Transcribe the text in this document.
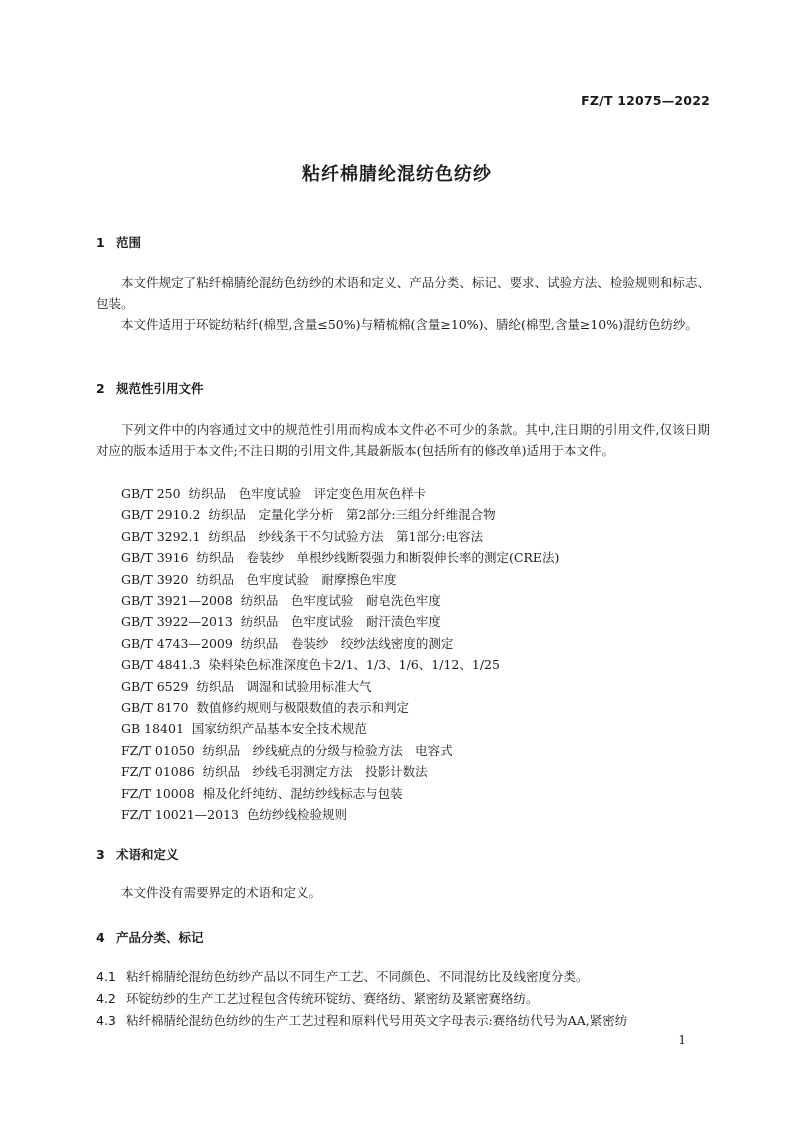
FZ/T 12075—2022
粘纤棉腈纶混纺色纺纱
1 范围

本文件规定了粘纤棉腈纶混纺色纺纱的术语和定义、产品分类、标记、要求、试验方法、检验规则和标志、包装。

本文件适用于环锭纺粘纤(棉型,含量≤50%)与精梳棉(含量≥10%)、腈纶(棉型,含量≥10%)混纺色纺纱。

2 规范性引用文件

下列文件中的内容通过文中的规范性引用而构成本文件必不可少的条款。其中,注日期的引用文件,仅该日期对应的版本适用于本文件;不注日期的引用文件,其最新版本(包括所有的修改单)适用于本文件。

GB/T 250 纺织品　色牢度试验　评定变色用灰色样卡
GB/T 2910.2 纺织品　定量化学分析　第2部分:三组分纤维混合物
GB/T 3292.1 纺织品　纱线条干不匀试验方法　第1部分:电容法
GB/T 3916 纺织品　卷装纱　单根纱线断裂强力和断裂伸长率的测定(CRE法)
GB/T 3920 纺织品　色牢度试验　耐摩擦色牢度
GB/T 3921—2008 纺织品　色牢度试验　耐皂洗色牢度
GB/T 3922—2013 纺织品　色牢度试验　耐汗渍色牢度
GB/T 4743—2009 纺织品　卷装纱　绞纱法线密度的测定
GB/T 4841.3 染料染色标准深度色卡2/1、1/3、1/6、1/12、1/25
GB/T 6529 纺织品　调湿和试验用标准大气
GB/T 8170 数值修约规则与极限数值的表示和判定
GB 18401 国家纺织产品基本安全技术规范
FZ/T 01050 纺织品　纱线疵点的分级与检验方法　电容式
FZ/T 01086 纺织品　纱线毛羽测定方法　投影计数法
FZ/T 10008 棉及化纤纯纺、混纺纱线标志与包装
FZ/T 10021—2013 色纺纱线检验规则
3 术语和定义

本文件没有需要界定的术语和定义。

4 产品分类、标记
4.1 粘纤棉腈纶混纺色纺纱产品以不同生产工艺、不同颜色、不同混纺比及线密度分类。
4.2 环锭纺纱的生产工艺过程包含传统环锭纺、赛络纺、紧密纺及紧密赛络纺。
4.3 粘纤棉腈纶混纺色纺纱的生产工艺过程和原料代号用英文字母表示:赛络纺代号为AA,紧密纺
1
